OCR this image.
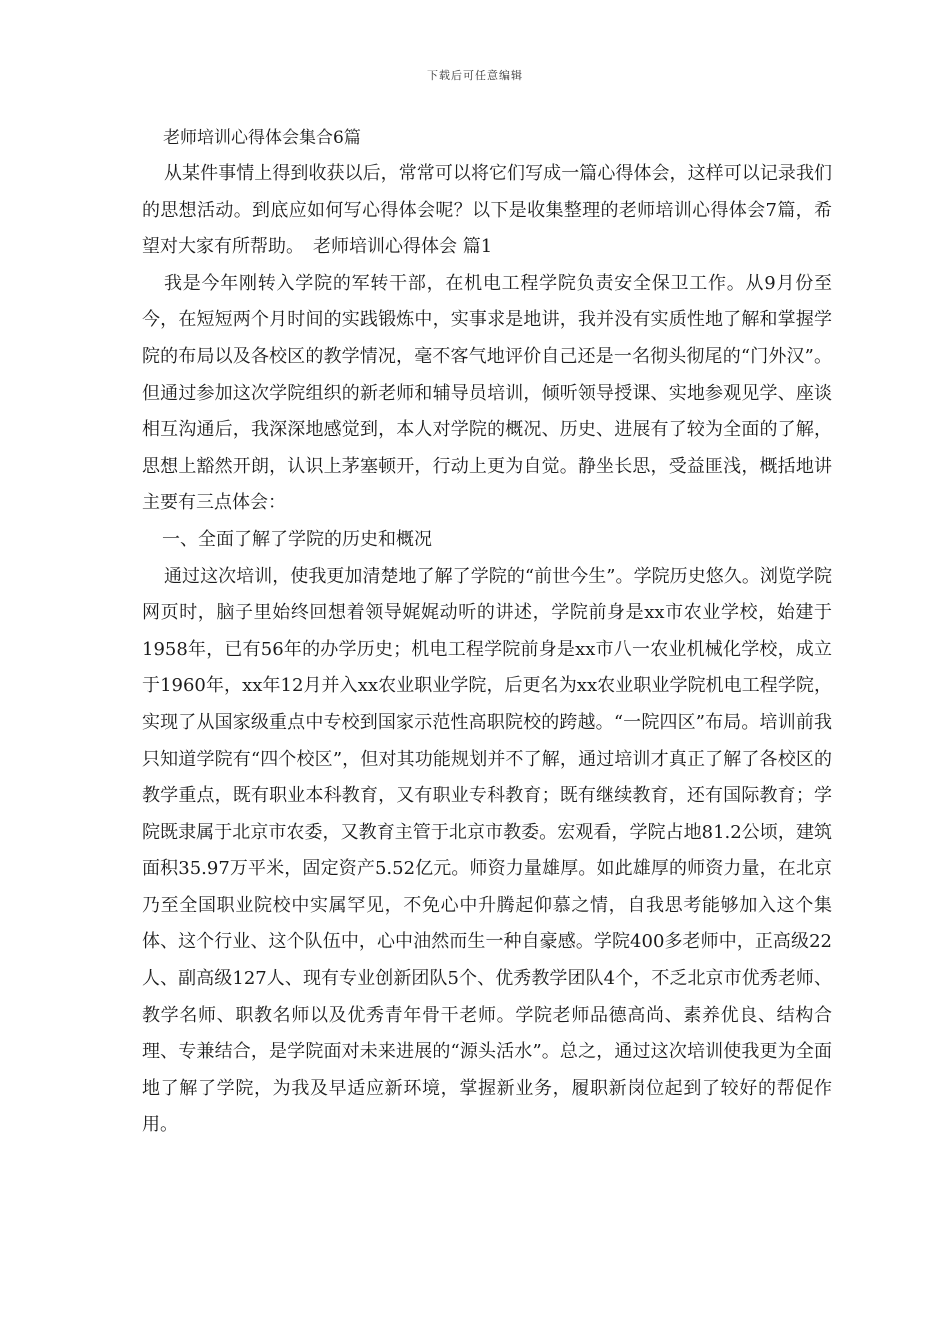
下载后可任意编辑
老师培训心得体会集合6篇

从某件事情上得到收获以后，常常可以将它们写成一篇心得体会，这样可以记录我们的思想活动。到底应如何写心得体会呢？以下是收集整理的老师培训心得体会7篇，希望对大家有所帮助。　老师培训心得体会 篇1

我是今年刚转入学院的军转干部，在机电工程学院负责安全保卫工作。从9月份至今，在短短两个月时间的实践锻炼中，实事求是地讲，我并没有实质性地了解和掌握学院的布局以及各校区的教学情况，毫不客气地评价自己还是一名彻头彻尾的“门外汉”。但通过参加这次学院组织的新老师和辅导员培训，倾听领导授课、实地参观见学、座谈相互沟通后，我深深地感觉到，本人对学院的概况、历史、进展有了较为全面的了解，思想上豁然开朗，认识上茅塞顿开，行动上更为自觉。静坐长思，受益匪浅，概括地讲主要有三点体会：

一、全面了解了学院的历史和概况

通过这次培训，使我更加清楚地了解了学院的“前世今生”。学院历史悠久。浏览学院网页时，脑子里始终回想着领导娓娓动听的讲述，学院前身是xx市农业学校，始建于1958年，已有56年的办学历史；机电工程学院前身是xx市八一农业机械化学校，成立于1960年，xx年12月并入xx农业职业学院，后更名为xx农业职业学院机电工程学院，实现了从国家级重点中专校到国家示范性高职院校的跨越。“一院四区”布局。培训前我只知道学院有“四个校区”，但对其功能规划并不了解，通过培训才真正了解了各校区的教学重点，既有职业本科教育，又有职业专科教育；既有继续教育，还有国际教育；学院既隶属于北京市农委，又教育主管于北京市教委。宏观看，学院占地81.2公顷，建筑面积35.97万平米，固定资产5.52亿元。师资力量雄厚。如此雄厚的师资力量，在北京乃至全国职业院校中实属罕见，不免心中升腾起仰慕之情，自我思考能够加入这个集体、这个行业、这个队伍中，心中油然而生一种自豪感。学院400多老师中，正高级22人、副高级127人、现有专业创新团队5个、优秀教学团队4个，不乏北京市优秀老师、教学名师、职教名师以及优秀青年骨干老师。学院老师品德高尚、素养优良、结构合理、专兼结合，是学院面对未来进展的“源头活水”。总之，通过这次培训使我更为全面地了解了学院，为我及早适应新环境，掌握新业务，履职新岗位起到了较好的帮促作用。
